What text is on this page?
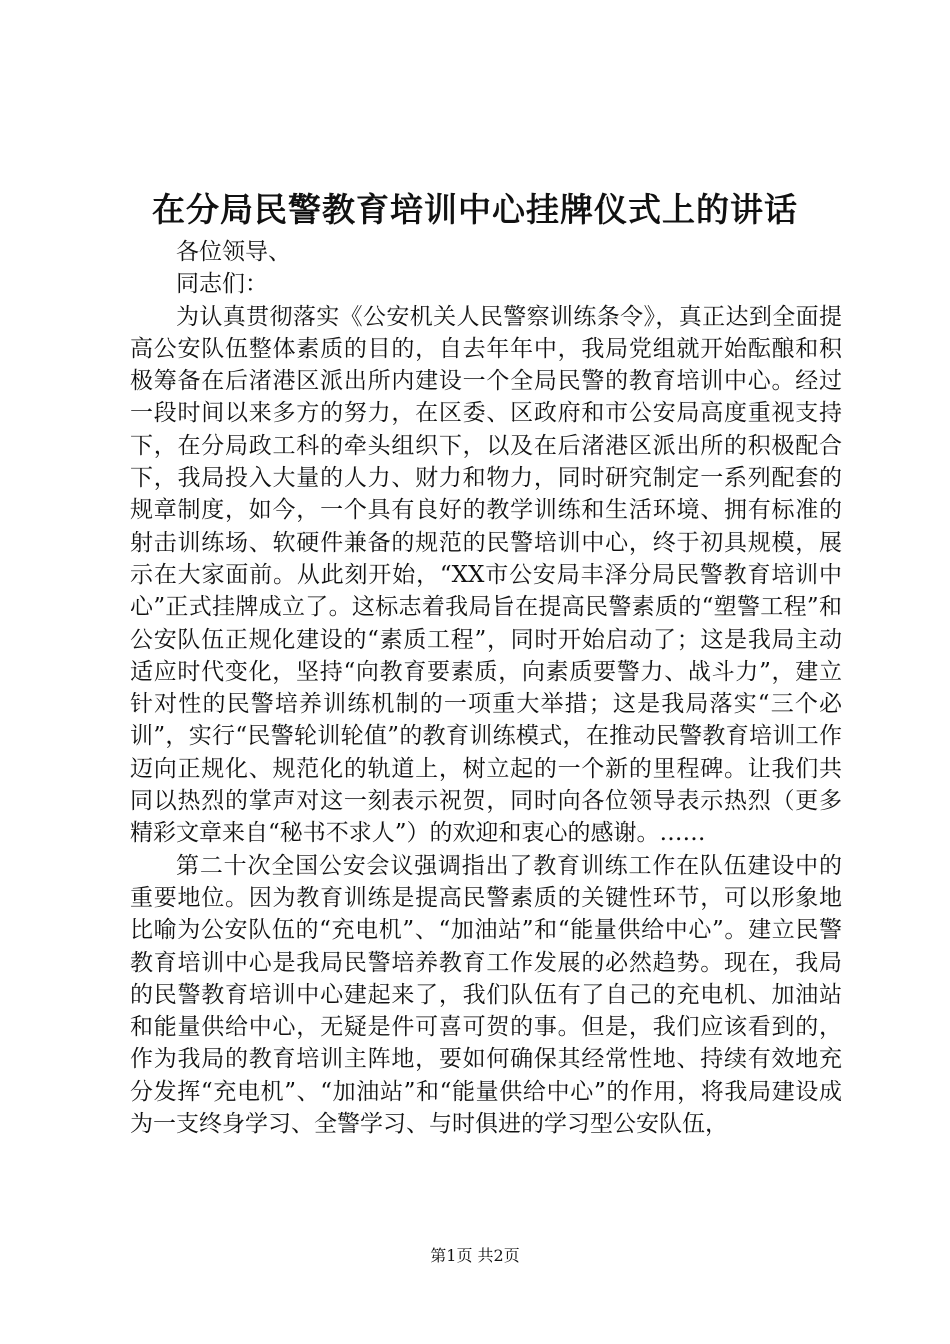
在分局民警教育培训中心挂牌仪式上的讲话

各位领导、

同志们：

为认真贯彻落实《公安机关人民警察训练条令》，真正达到全面提高公安队伍整体素质的目的，自去年年中，我局党组就开始酝酿和积极筹备在后渚港区派出所内建设一个全局民警的教育培训中心。经过一段时间以来多方的努力，在区委、区政府和市公安局高度重视支持下，在分局政工科的牵头组织下，以及在后渚港区派出所的积极配合下，我局投入大量的人力、财力和物力，同时研究制定一系列配套的规章制度，如今，一个具有良好的教学训练和生活环境、拥有标准的射击训练场、软硬件兼备的规范的民警培训中心，终于初具规模，展示在大家面前。从此刻开始，“XX市公安局丰泽分局民警教育培训中心”正式挂牌成立了。这标志着我局旨在提高民警素质的“塑警工程”和公安队伍正规化建设的“素质工程”，同时开始启动了；这是我局主动适应时代变化，坚持“向教育要素质，向素质要警力、战斗力”，建立针对性的民警培养训练机制的一项重大举措；这是我局落实“三个必训”，实行“民警轮训轮值”的教育训练模式，在推动民警教育培训工作迈向正规化、规范化的轨道上，树立起的一个新的里程碑。让我们共同以热烈的掌声对这一刻表示祝贺，同时向各位领导表示热烈（更多精彩文章来自“秘书不求人”）的欢迎和衷心的感谢。……

第二十次全国公安会议强调指出了教育训练工作在队伍建设中的重要地位。因为教育训练是提高民警素质的关键性环节，可以形象地比喻为公安队伍的“充电机”、“加油站”和“能量供给中心”。建立民警教育培训中心是我局民警培养教育工作发展的必然趋势。现在，我局的民警教育培训中心建起来了，我们队伍有了自己的充电机、加油站和能量供给中心，无疑是件可喜可贺的事。但是，我们应该看到的，作为我局的教育培训主阵地，要如何确保其经常性地、持续有效地充分发挥“充电机”、“加油站”和“能量供给中心”的作用，将我局建设成为一支终身学习、全警学习、与时俱进的学习型公安队伍，

第1页 共2页
